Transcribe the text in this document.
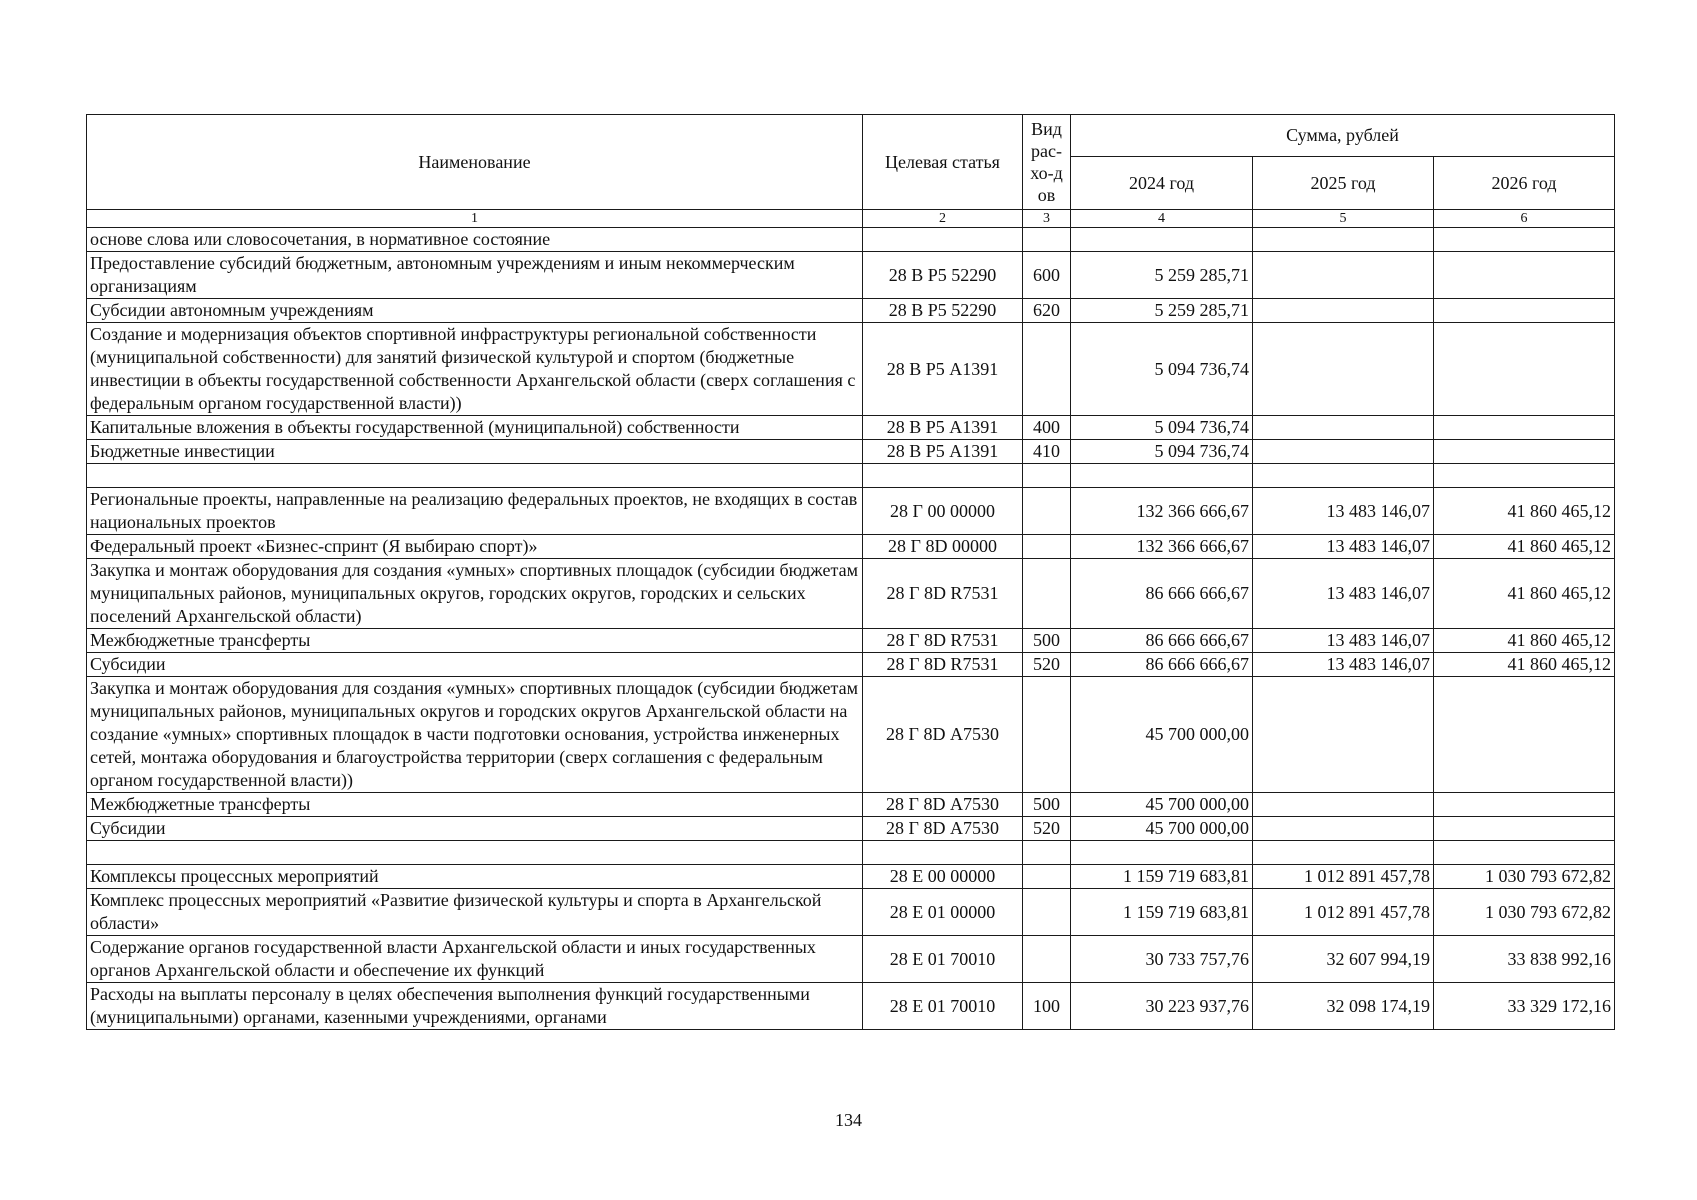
Наименование	Целевая статья	Вид рас-хо-дов	Сумма, рублей		
			2024 год	2025 год	2026 год
1	2	3	4	5	6
основе слова или словосочетания, в нормативное состояние					
Предоставление субсидий бюджетным, автономным учреждениям и иным некоммерческим организациям	28 В Р5 52290	600	5 259 285,71		
Субсидии автономным учреждениям	28 В Р5 52290	620	5 259 285,71		
Создание и модернизация объектов спортивной инфраструктуры региональной собственности (муниципальной собственности) для занятий физической культурой и спортом (бюджетные инвестиции в объекты государственной собственности Архангельской области (сверх соглашения с федеральным органом государственной власти))	28 В Р5 А1391		5 094 736,74		
Капитальные вложения в объекты государственной (муниципальной) собственности	28 В Р5 А1391	400	5 094 736,74		
Бюджетные инвестиции	28 В Р5 А1391	410	5 094 736,74		

Региональные проекты, направленные на реализацию федеральных проектов, не входящих в состав национальных проектов	28 Г 00 00000		132 366 666,67	13 483 146,07	41 860 465,12
Федеральный проект «Бизнес-спринт (Я выбираю спорт)»	28 Г 8D 00000		132 366 666,67	13 483 146,07	41 860 465,12
Закупка и монтаж оборудования для создания «умных» спортивных площадок (субсидии бюджетам муниципальных районов, муниципальных округов, городских округов, городских и сельских поселений Архангельской области)	28 Г 8D R7531		86 666 666,67	13 483 146,07	41 860 465,12
Межбюджетные трансферты	28 Г 8D R7531	500	86 666 666,67	13 483 146,07	41 860 465,12
Субсидии	28 Г 8D R7531	520	86 666 666,67	13 483 146,07	41 860 465,12
Закупка и монтаж оборудования для создания «умных» спортивных площадок (субсидии бюджетам муниципальных районов, муниципальных округов и городских округов Архангельской области на создание «умных» спортивных площадок в части подготовки основания, устройства инженерных сетей, монтажа оборудования и благоустройства территории (сверх соглашения с федеральным органом государственной власти))	28 Г 8D А7530		45 700 000,00		
Межбюджетные трансферты	28 Г 8D А7530	500	45 700 000,00		
Субсидии	28 Г 8D А7530	520	45 700 000,00		

Комплексы процессных мероприятий	28 Е 00 00000		1 159 719 683,81	1 012 891 457,78	1 030 793 672,82
Комплекс процессных мероприятий «Развитие физической культуры и спорта в Архангельской области»	28 Е 01 00000		1 159 719 683,81	1 012 891 457,78	1 030 793 672,82
Содержание органов государственной власти Архангельской области и иных государственных органов Архангельской области и обеспечение их функций	28 Е 01 70010		30 733 757,76	32 607 994,19	33 838 992,16
Расходы на выплаты персоналу в целях обеспечения выполнения функций государственными (муниципальными) органами, казенными учреждениями, органами	28 Е 01 70010	100	30 223 937,76	32 098 174,19	33 329 172,16
134
